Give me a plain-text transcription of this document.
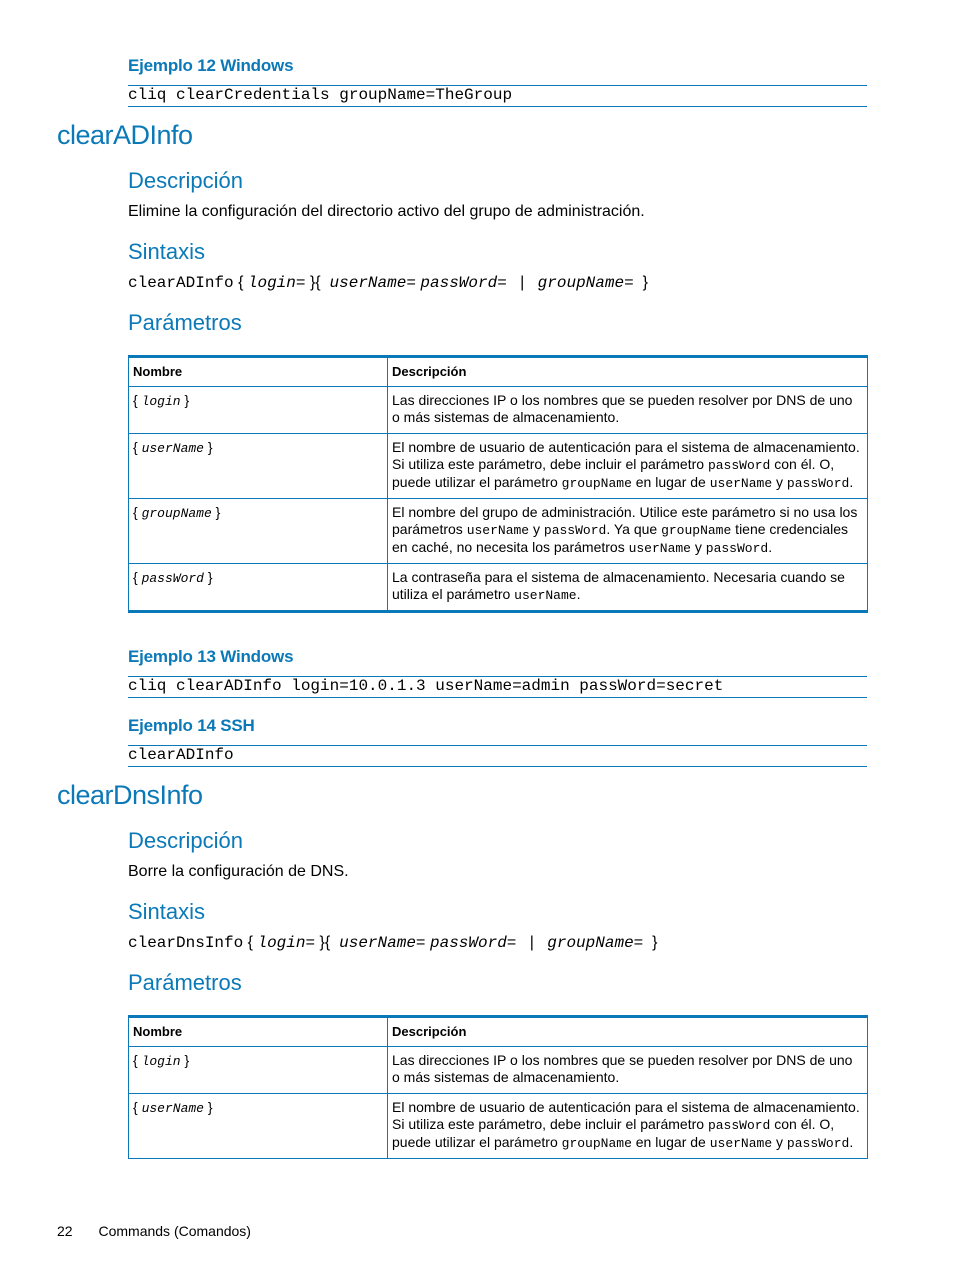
Ejemplo 12 Windows
cliq clearCredentials groupName=TheGroup
clearADInfo
Descripción
Elimine la configuración del directorio activo del grupo de administración.
Sintaxis
clearADInfo { login= }{ userName= passWord= | groupName= }
Parámetros
Nombre	Descripción
{ login }	Las direcciones IP o los nombres que se pueden resolver por DNS de uno o más sistemas de almacenamiento.
{ userName }	El nombre de usuario de autenticación para el sistema de almacenamiento. Si utiliza este parámetro, debe incluir el parámetro passWord con él. O, puede utilizar el parámetro groupName en lugar de userName y passWord.
{ groupName }	El nombre del grupo de administración. Utilice este parámetro si no usa los parámetros userName y passWord. Ya que groupName tiene credenciales en caché, no necesita los parámetros userName y passWord.
{ passWord }	La contraseña para el sistema de almacenamiento. Necesaria cuando se utiliza el parámetro userName.
Ejemplo 13 Windows
cliq clearADInfo login=10.0.1.3 userName=admin passWord=secret
Ejemplo 14 SSH
clearADInfo
clearDnsInfo
Descripción
Borre la configuración de DNS.
Sintaxis
clearDnsInfo { login= }{ userName= passWord= | groupName= }
Parámetros
Nombre	Descripción
{ login }	Las direcciones IP o los nombres que se pueden resolver por DNS de uno o más sistemas de almacenamiento.
{ userName }	El nombre de usuario de autenticación para el sistema de almacenamiento. Si utiliza este parámetro, debe incluir el parámetro passWord con él. O, puede utilizar el parámetro groupName en lugar de userName y passWord.
22 Commands (Comandos)
